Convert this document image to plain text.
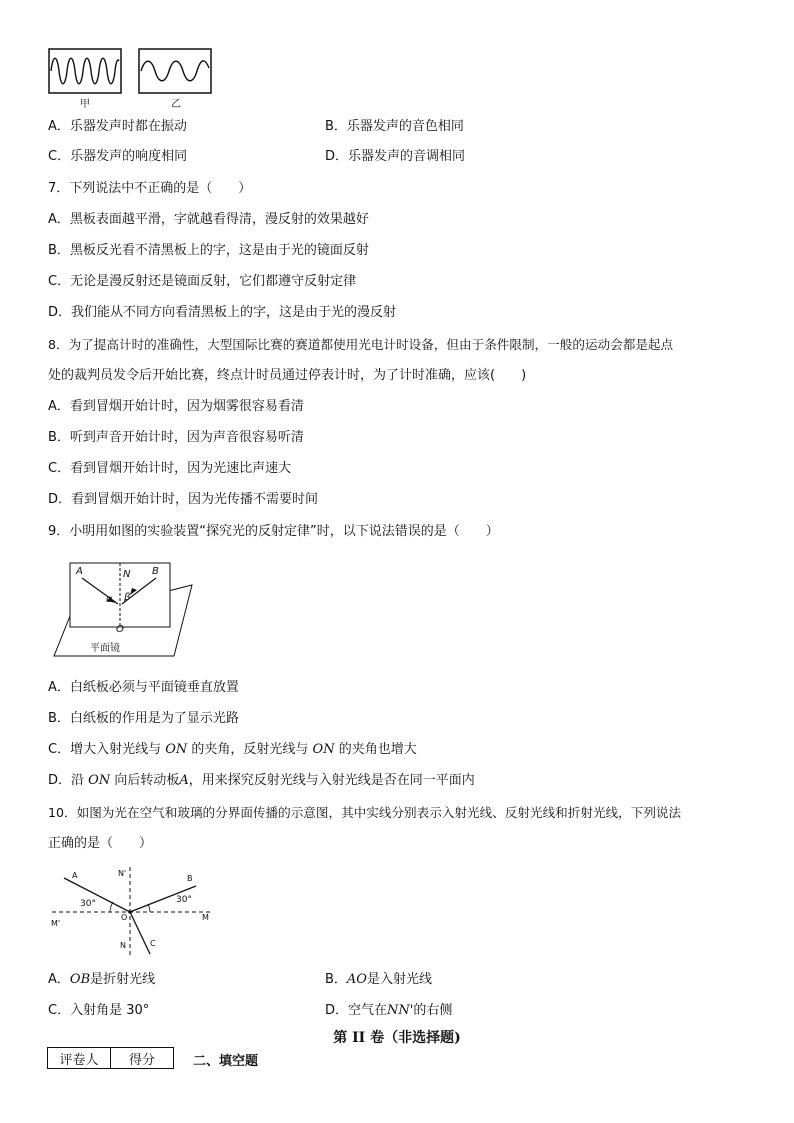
甲	乙
A．乐器发声时都在振动	B．乐器发声的音色相同
C．乐器发声的响度相同	D．乐器发声的音调相同
7．下列说法中不正确的是（　　）
A．黑板表面越平滑，字就越看得清，漫反射的效果越好
B．黑板反光看不清黑板上的字，这是由于光的镜面反射
C．无论是漫反射还是镜面反射，它们都遵守反射定律
D．我们能从不同方向看清黑板上的字，这是由于光的漫反射
8．为了提高计时的准确性，大型国际比赛的赛道都使用光电计时设备，但由于条件限制，一般的运动会都是起点
处的裁判员发令后开始比赛，终点计时员通过停表计时，为了计时准确，应该(　　)
A．看到冒烟开始计时，因为烟雾很容易看清
B．听到声音开始计时，因为声音很容易听清
C．看到冒烟开始计时，因为光速比声速大
D．看到冒烟开始计时，因为光传播不需要时间
9．小明用如图的实验装置“探究光的反射定律”时，以下说法错误的是（　　）
A	N B
α β
O
平面镜
A．白纸板必须与平面镜垂直放置
B．白纸板的作用是为了显示光路
C．增大入射光线与 ON 的夹角，反射光线与 ON 的夹角也增大
D．沿 ON 向后转动板A，用来探究反射光线与入射光线是否在同一平面内
10．如图为光在空气和玻璃的分界面传播的示意图，其中实线分别表示入射光线、反射光线和折射光线，下列说法
正确的是（　　）
A	N'
B
30°	30°
M
O
M'
N	C
A．OB是折射光线	B．AO是入射光线
C．入射角是 30°	D．空气在NN'的右侧
第 II 卷（非选择题)
评卷人	得分	二、填空题
